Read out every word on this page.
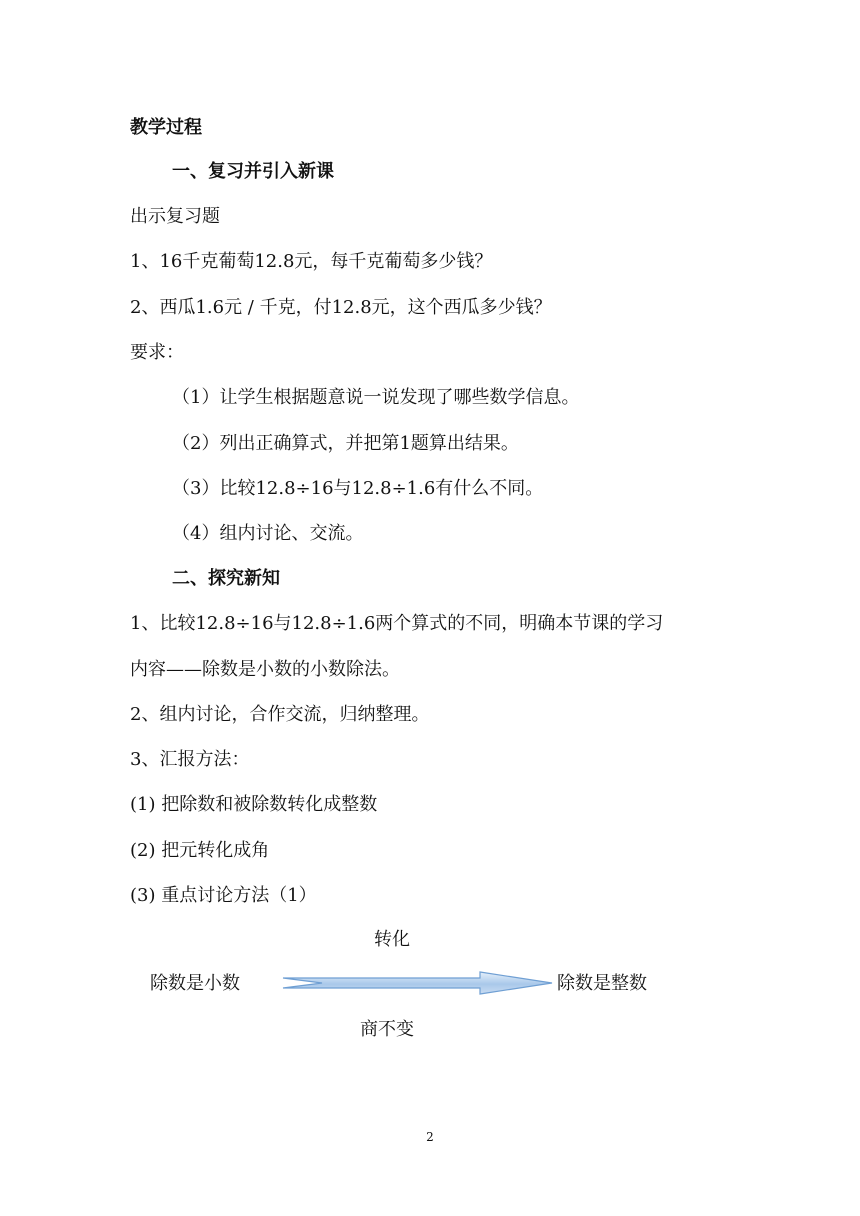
教学过程
一、复习并引入新课
出示复习题
1、16千克葡萄12.8元，每千克葡萄多少钱？
2、西瓜1.6元 / 千克，付12.8元，这个西瓜多少钱？
要求：
（1）让学生根据题意说一说发现了哪些数学信息。
（2）列出正确算式，并把第1题算出结果。
（3）比较12.8÷16与12.8÷1.6有什么不同。
（4）组内讨论、交流。
二、探究新知
1、比较12.8÷16与12.8÷1.6两个算式的不同，明确本节课的学习
内容——除数是小数的小数除法。
2、组内讨论，合作交流，归纳整理。
3、汇报方法：
(1) 把除数和被除数转化成整数
(2) 把元转化成角
(3) 重点讨论方法（1）
转化
除数是小数	除数是整数
商不变
2
